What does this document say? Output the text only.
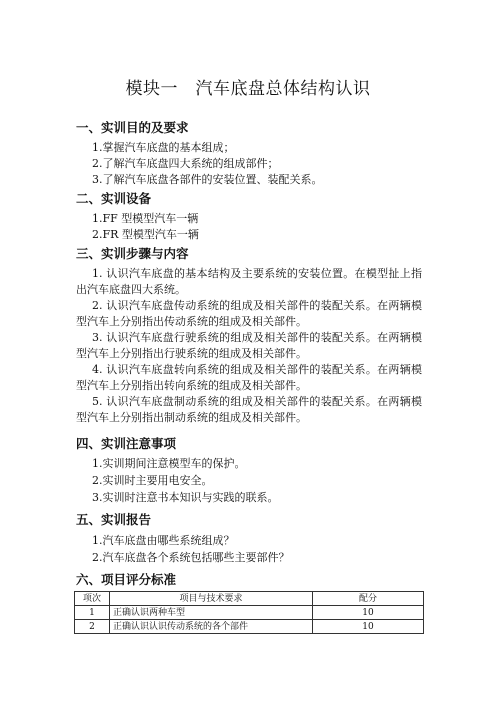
模块一　汽车底盘总体结构认识
一、实训目的及要求
1.掌握汽车底盘的基本组成；
2.了解汽车底盘四大系统的组成部件；
3.了解汽车底盘各部件的安装位置、装配关系。
二、实训设备
1.FF 型模型汽车一辆
2.FR 型模型汽车一辆
三、实训步骤与内容
1. 认识汽车底盘的基本结构及主要系统的安装位置。在模型扯上指出汽车底盘四大系统。
2. 认识汽车底盘传动系统的组成及相关部件的装配关系。在两辆模型汽车上分别指出传动系统的组成及相关部件。
3. 认识汽车底盘行驶系统的组成及相关部件的装配关系。在两辆模型汽车上分别指出行驶系统的组成及相关部件。
4. 认识汽车底盘转向系统的组成及相关部件的装配关系。在两辆模型汽车上分别指出转向系统的组成及相关部件。
5. 认识汽车底盘制动系统的组成及相关部件的装配关系。在两辆模型汽车上分别指出制动系统的组成及相关部件。
四、实训注意事项
1.实训期间注意模型车的保护。
2.实训时主要用电安全。
3.实训时注意书本知识与实践的联系。
五、实训报告
1.汽车底盘由哪些系统组成？
2.汽车底盘各个系统包括哪些主要部件？
六、项目评分标准
项次	项目与技术要求	配分
1	正确认识两种车型	10
2	正确认识认识传动系统的各个部件	10
